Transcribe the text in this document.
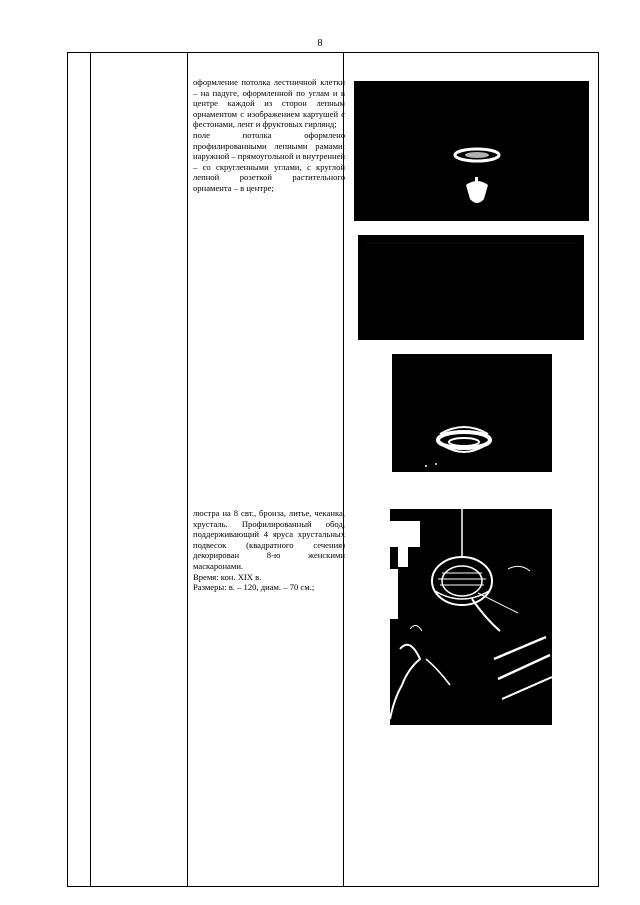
8
оформление потолка лестничной клетки – на падуге, оформленной по углам и в центре каждой из сторон лепным орнаментом с изображением картушей с фестонами, лент и фруктовых гирлянд;
поле потолка оформлено профилированными лепными рамами: наружной – прямоугольной и внутренней – со скругленными углами, с круглой лепной розеткой растительного орнамента – в центре;
люстра на 8 свт., бронза, литье, чеканка, хрусталь. Профилированный обод, поддерживающий 4 яруса хрустальных подвесок (квадратного сечения) декорирован 8-ю женскими маскаронами.
Время: кон. XIX в.
Размеры: в. – 120, диам. – 70 см.;
